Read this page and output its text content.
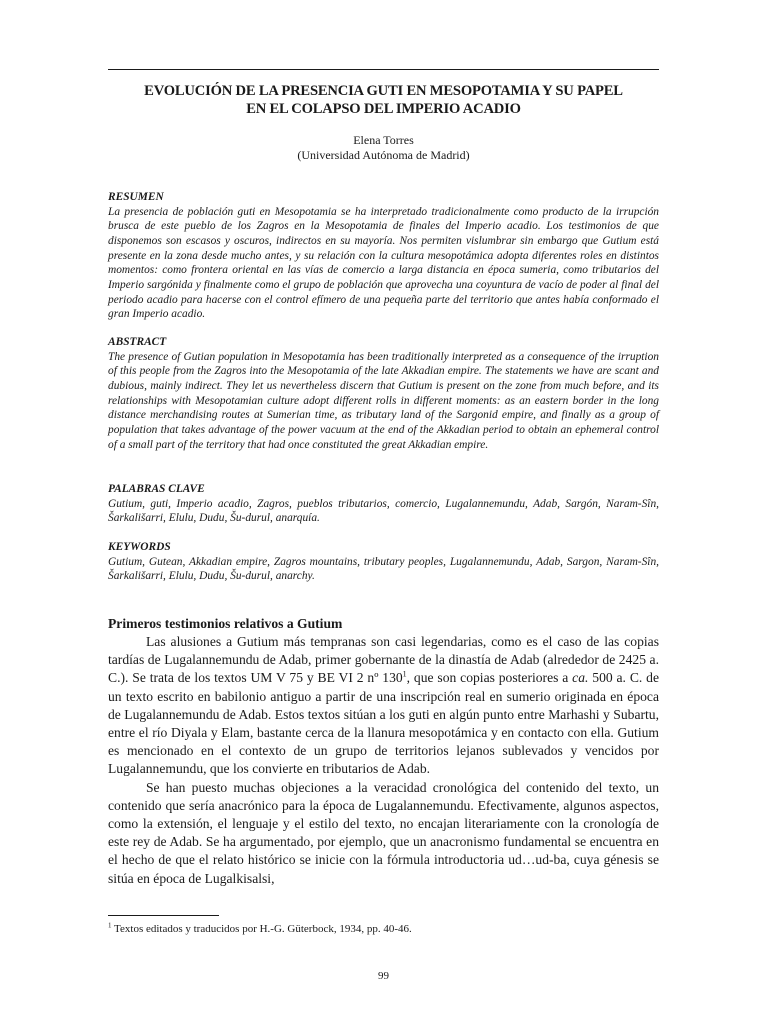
EVOLUCIÓN DE LA PRESENCIA GUTI EN MESOPOTAMIA Y SU PAPEL
EN EL COLAPSO DEL IMPERIO ACADIO
Elena Torres
(Universidad Autónoma de Madrid)
RESUMEN
La presencia de población guti en Mesopotamia se ha interpretado tradicionalmente como producto de la irrupción brusca de este pueblo de los Zagros en la Mesopotamia de finales del Imperio acadio. Los testimonios de que disponemos son escasos y oscuros, indirectos en su mayoría. Nos permiten vislumbrar sin embargo que Gutium está presente en la zona desde mucho antes, y su relación con la cultura mesopotámica adopta diferentes roles en distintos momentos: como frontera oriental en las vías de comercio a larga distancia en época sumeria, como tributarios del Imperio sargónida y finalmente como el grupo de población que aprovecha una coyuntura de vacío de poder al final del periodo acadio para hacerse con el control efímero de una pequeña parte del territorio que antes había conformado el gran Imperio acadio.
ABSTRACT
The presence of Gutian population in Mesopotamia has been traditionally interpreted as a consequence of the irruption of this people from the Zagros into the Mesopotamia of the late Akkadian empire. The statements we have are scant and dubious, mainly indirect. They let us nevertheless discern that Gutium is present on the zone from much before, and its relationships with Mesopotamian culture adopt different rolls in different moments: as an eastern border in the long distance merchandising routes at Sumerian time, as tributary land of the Sargonid empire, and finally as a group of population that takes advantage of the power vacuum at the end of the Akkadian period to obtain an ephemeral control of a small part of the territory that had once constituted the great Akkadian empire.
PALABRAS CLAVE
Gutium, guti, Imperio acadio, Zagros, pueblos tributarios, comercio, Lugalannemundu, Adab, Sargón, Naram-Sîn, Šarkališarri, Elulu, Dudu, Šu-durul, anarquía.
KEYWORDS
Gutium, Gutean, Akkadian empire, Zagros mountains, tributary peoples, Lugalannemundu, Adab, Sargon, Naram-Sîn, Šarkališarri, Elulu, Dudu, Šu-durul, anarchy.
Primeros testimonios relativos a Gutium

Las alusiones a Gutium más tempranas son casi legendarias, como es el caso de las copias tardías de Lugalannemundu de Adab, primer gobernante de la dinastía de Adab (alrededor de 2425 a. C.). Se trata de los textos UM V 75 y BE VI 2 nº $130^1$, que son copias posteriores a ca. 500 a. C. de un texto escrito en babilonio antiguo a partir de una inscripción real en sumerio originada en época de Lugalannemundu de Adab. Estos textos sitúan a los guti en algún punto entre Marhashi y Subartu, entre el río Diyala y Elam, bastante cerca de la llanura mesopotámica y en contacto con ella. Gutium es mencionado en el contexto de un grupo de territorios lejanos sublevados y vencidos por Lugalannemundu, que los convierte en tributarios de Adab.

Se han puesto muchas objeciones a la veracidad cronológica del contenido del texto, un contenido que sería anacrónico para la época de Lugalannemundu. Efectivamente, algunos aspectos, como la extensión, el lenguaje y el estilo del texto, no encajan literariamente con la cronología de este rey de Adab. Se ha argumentado, por ejemplo, que un anacronismo fundamental se encuentra en el hecho de que el relato histórico se inicie con la fórmula introductoria ud…ud-ba, cuya génesis se sitúa en época de Lugalkisalsi,

$^1$ Textos editados y traducidos por H.-G. Güterbock, 1934, pp. 40-46.
99
